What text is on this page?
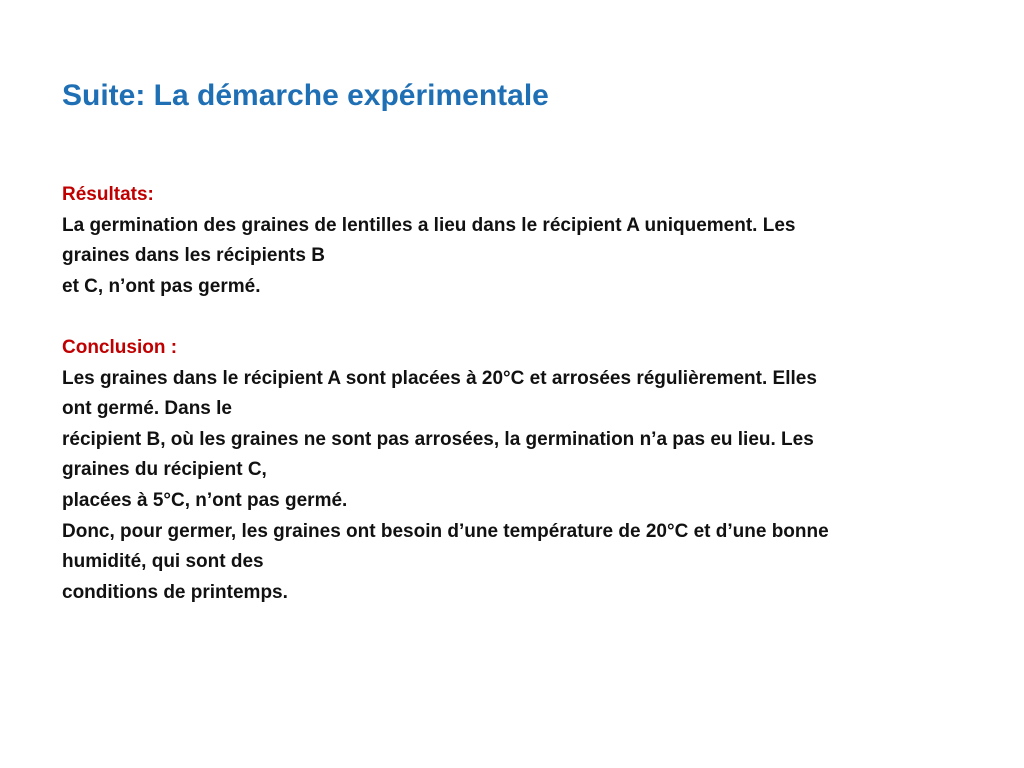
Suite: La démarche expérimentale
Résultats:
La germination des graines de lentilles a lieu dans le récipient A uniquement. Les
graines dans les récipients B
et C, n’ont pas germé.
Conclusion :
Les graines dans le récipient A sont placées à 20°C et arrosées régulièrement. Elles
ont germé. Dans le
récipient B, où les graines ne sont pas arrosées, la germination n’a pas eu lieu. Les
graines du récipient C,
placées à 5°C, n’ont pas germé.
Donc, pour germer, les graines ont besoin d’une température de 20°C et d’une bonne
humidité, qui sont des
conditions de printemps.
